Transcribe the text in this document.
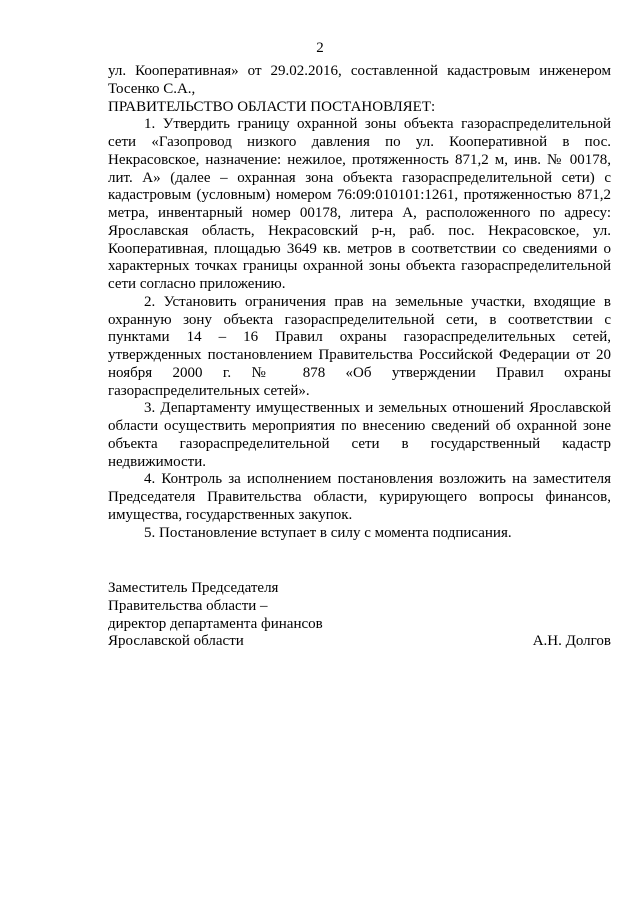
2

ул. Кооперативная» от 29.02.2016, составленной кадастровым инженером Тосенко С.А.,

ПРАВИТЕЛЬСТВО ОБЛАСТИ ПОСТАНОВЛЯЕТ:

1. Утвердить границу охранной зоны объекта газораспределительной сети «Газопровод низкого давления по ул. Кооперативной в пос. Некрасовское, назначение: нежилое, протяженность 871,2 м, инв. № 00178, лит. А» (далее – охранная зона объекта газораспределительной сети) с кадастровым (условным) номером 76:09:010101:1261, протяженностью 871,2 метра, инвентарный номер 00178, литера А, расположенного по адресу: Ярославская область, Некрасовский р-н, раб. пос. Некрасовское, ул. Кооперативная, площадью 3649 кв. метров в соответствии со сведениями о характерных точках границы охранной зоны объекта газораспределительной сети согласно приложению.

2. Установить ограничения прав на земельные участки, входящие в охранную зону объекта газораспределительной сети, в соответствии с пунктами 14 – 16 Правил охраны газораспределительных сетей, утвержденных постановлением Правительства Российской Федерации от 20 ноября 2000 г. № 878 «Об утверждении Правил охраны газораспределительных сетей».

3. Департаменту имущественных и земельных отношений Ярославской области осуществить мероприятия по внесению сведений об охранной зоне объекта газораспределительной сети в государственный кадастр недвижимости.

4. Контроль за исполнением постановления возложить на заместителя Председателя Правительства области, курирующего вопросы финансов, имущества, государственных закупок.

5. Постановление вступает в силу с момента подписания.

Заместитель Председателя
Правительства области –
директор департамента финансов
Ярославской области	А.Н. Долгов
